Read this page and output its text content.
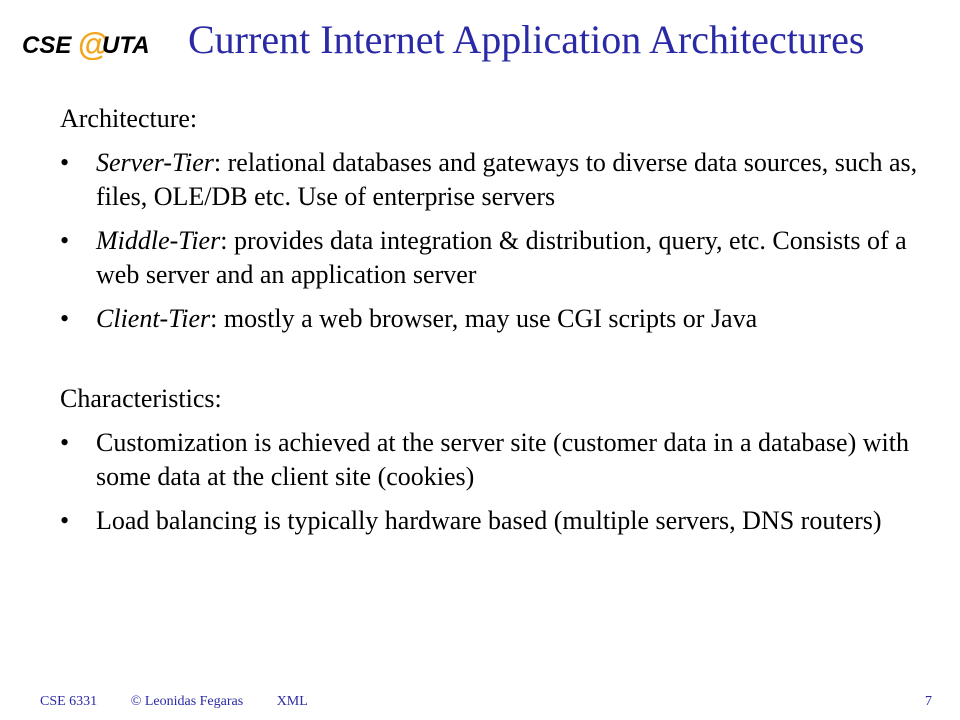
CSE @
UTA Current Internet Application Architectures
Architecture:
• Server-Tier: relational databases and gateways to diverse data sources, such as, files, OLE/DB etc. Use of enterprise servers
• Middle-Tier: provides data integration & distribution, query, etc. Consists of a web server and an application server
• Client-Tier: mostly a web browser, may use CGI scripts or Java
Characteristics:
• Customization is achieved at the server site (customer data in a database) with some data at the client site (cookies)
• Load balancing is typically hardware based (multiple servers, DNS routers)
CSE 6331 © Leonidas Fegaras XML	7
